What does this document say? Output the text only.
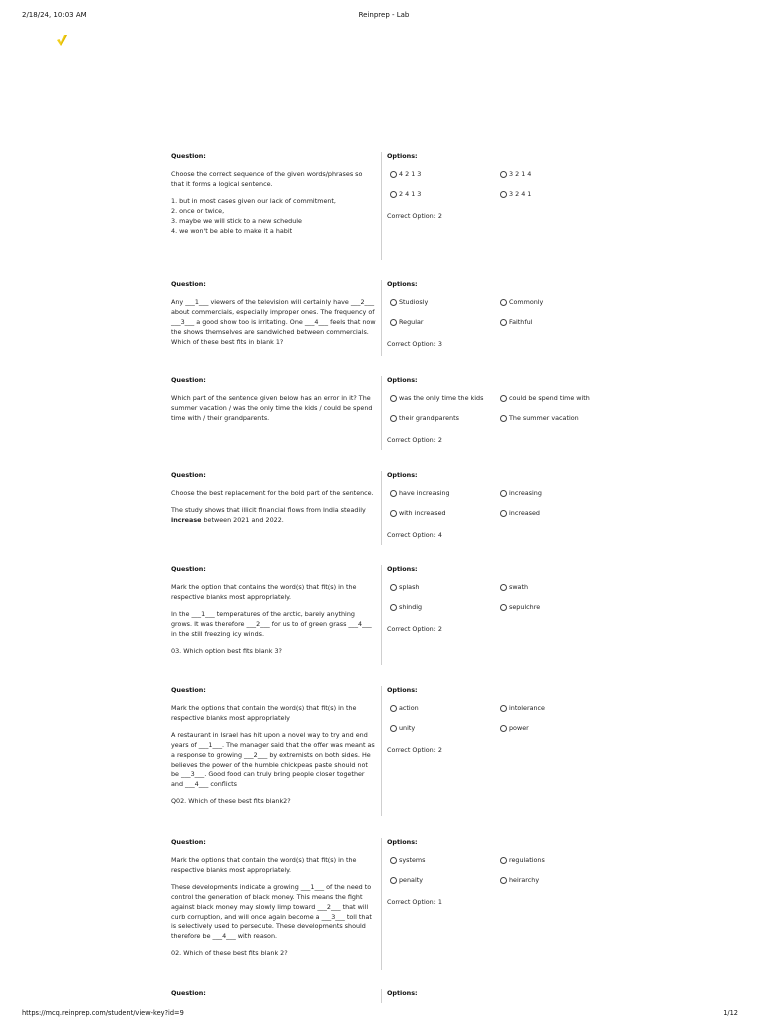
2/18/24, 10:03 AM	Reinprep - Lab
Question:

Choose the correct sequence of the given words/phrases so that it forms a logical sentence.

1. but in most cases given our lack of commitment,
2. once or twice,
3. maybe we will stick to a new schedule
4. we won't be able to make it a habit
Options:
4 2 1 3	3 2 1 4
2 4 1 3	3 2 4 1
Correct Option: 2
Question:

Any ___1___ viewers of the television will certainly have ___2___ about commercials, especially improper ones. The frequency of ___3___ a good show too is irritating. One ___4___ feels that now the shows themselves are sandwiched between commercials. Which of these best fits in blank 1?

Options:
Studiosly	Commonly
Regular	Faithful
Correct Option: 3
Question:

Which part of the sentence given below has an error in it? The summer vacation / was the only time the kids / could be spend time with / their grandparents.

Options:
was the only time the kids	could be spend time with
their grandparents	The summer vacation
Correct Option: 2
Question:

Choose the best replacement for the bold part of the sentence.

The study shows that illicit financial flows from India steadily increase between 2021 and 2022.

Options:
have increasing	increasing
with increased	increased
Correct Option: 4
Question:

Mark the option that contains the word(s) that fit(s) in the respective blanks most appropriately.

In the ___1___ temperatures of the arctic, barely anything grows. It was therefore ___2___ for us to of green grass ___4___ in the still freezing icy winds.

03. Which option best fits blank 3?

Options:
splash	swath
shindig	sepulchre
Correct Option: 2
Question:

Mark the options that contain the word(s) that fit(s) in the respective blanks most appropriately

A restaurant in Israel has hit upon a novel way to try and end years of ___1___. The manager said that the offer was meant as a response to growing ___2___ by extremists on both sides. He believes the power of the humble chickpeas paste should not be ___3___. Good food can truly bring people closer together and ___4___ conflicts

Q02. Which of these best fits blank2?

Options:
action	intolerance
unity	power
Correct Option: 2
Question:

Mark the options that contain the word(s) that fit(s) in the respective blanks most appropriately.

These developments indicate a growing ___1___ of the need to control the generation of black money. This means the fight against black money may slowly limp toward ___2___ that will curb corruption, and will once again become a ___3___ toll that is selectively used to persecute. These developments should therefore be ___4___ with reason.

02. Which of these best fits blank 2?

Options:
systems	regulations
penalty	heirarchy
Correct Option: 1
Question:	Options:
https://mcq.reinprep.com/student/view-key?id=9	1/12
